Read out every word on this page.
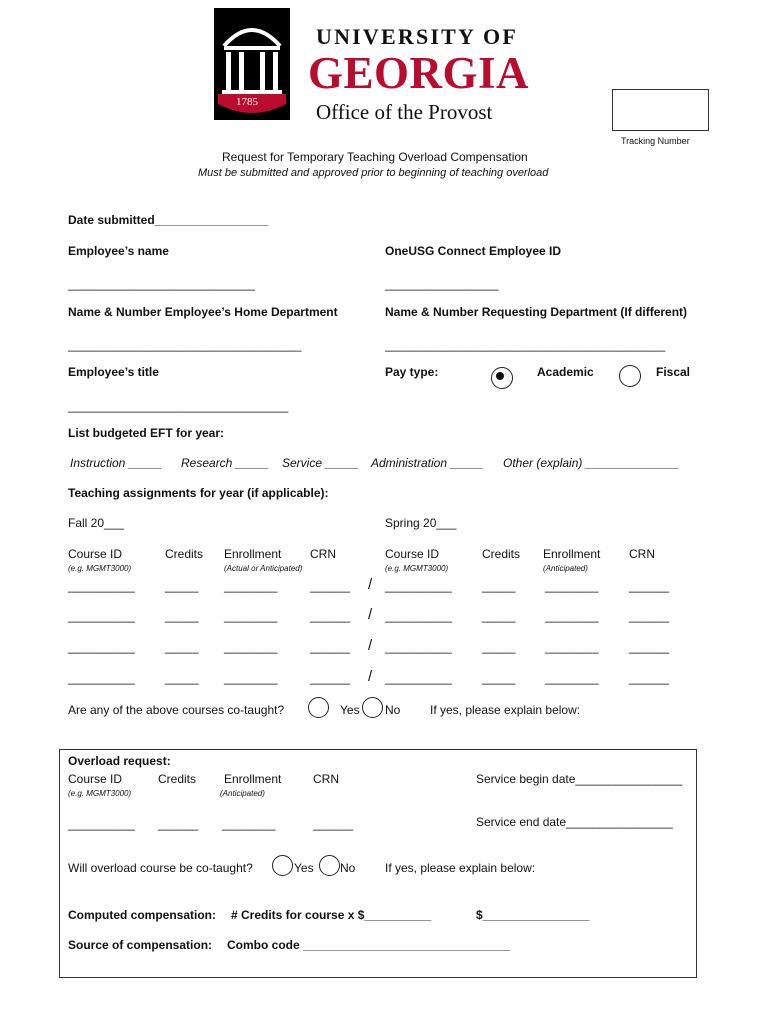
1785
™
UNIVERSITY OF
GEORGIA
Office of the Provost
Tracking Number
Request for Temporary Teaching Overload Compensation
Must be submitted and approved prior to beginning of teaching overload
Date submitted_________________
Employee’s name	OneUSG Connect Employee ID
____________________________	_________________
Name & Number Employee’s Home Department	Name & Number Requesting Department (If different)
___________________________________	__________________________________________
Employee’s title	Pay type:	Academic	Fiscal
_________________________________
List budgeted EFT for year:
Instruction _____ Research _____ Service _____ Administration _____ Other (explain) ______________
Teaching assignments for year (if applicable):
Fall 20___	Spring 20___
Course ID	Credits Enrollment CRN	Course ID	Credits Enrollment CRN
(e.g. MGMT3000)	(Actual or Anticipated)	(e.g. MGMT3000)	(Anticipated)
__________	_____ ________	______ / __________	_____ ________	______
__________	_____ ________	______ / __________	_____ ________	______
__________	_____ ________	______ / __________	_____ ________	______
__________	_____ ________	______ / __________	_____ ________	______
Are any of the above courses co-taught?	Yes No If yes, please explain below:
Overload request:
Course ID	Credits Enrollment	CRN	Service begin date________________
(e.g. MGMT3000)	(Anticipated)
Service end date________________
__________ ______ ________	______
Will overload course be co-taught?	Yes No If yes, please explain below:
Computed compensation: # Credits for course x $__________	$________________
Source of compensation: Combo code _______________________________
